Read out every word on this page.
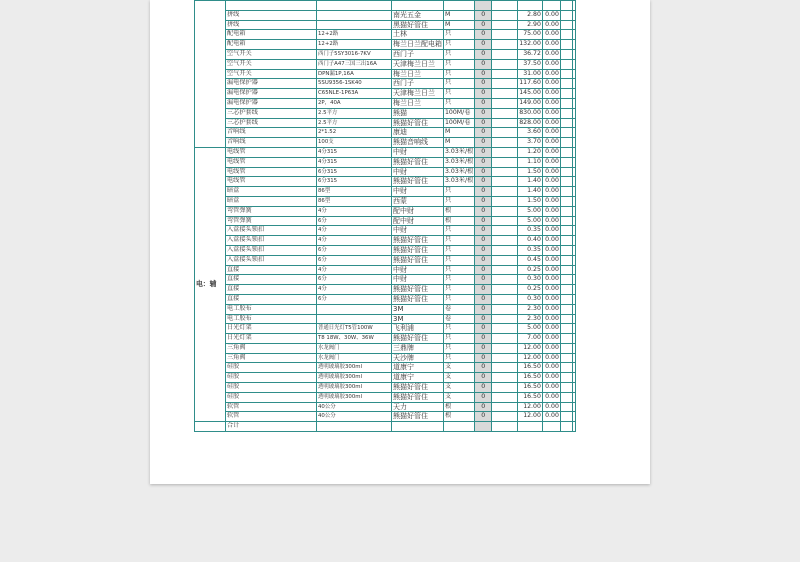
	拼线		南光五金	M	0		2.80	0.00		
	拼线		黑猫好管住	M	0		2.90	0.00		
	配电箱	12+2路	土林	只	0		75.00	0.00		
	配电箱	12+2路	梅兰日兰配电箱	只	0		132.00	0.00		
	空气开关	西门子5SY3016-7KV	西门子	只	0		36.72	0.00		
	空气开关	西门子A47三国三出16A	天津梅兰日兰	只	0		37.50	0.00		
	空气开关	DPN漏1P,16A	梅兰日兰	只	0		31.00	0.00		
	漏电保护器	5SU9356-1SK40	西门子	只	0		117.60	0.00		
	漏电保护器	C65NLE-1P63A	天津梅兰日兰	只	0		145.00	0.00		
	漏电保护器	2P，40A	梅兰日兰	只	0		149.00	0.00		
	三芯护套线	2.5平方	熊猫	100M/卷	0		830.00	0.00		
	三芯护套线	2.5平方	熊猫好管住	100M/卷	0		828.00	0.00		
	音响线	2*1.52	康迪	M	0		3.60	0.00		
	音响线	100支	熊猫音响线	M	0		3.70	0.00		
电：辅	电线管	4分315	中财	3.03米/根	0		1.20	0.00		
	电线管	4分315	熊猫好管住	3.03米/根	0		1.10	0.00		
	电线管	6分315	中财	3.03米/根	0		1.50	0.00		
	电线管	6分315	熊猫好管住	3.03米/根	0		1.40	0.00		
	暗盒	86型	中财	只	0		1.40	0.00		
	暗盒	86型	西蒙	只	0		1.50	0.00		
	弯管弹簧	4分	配中财	根	0		5.00	0.00		
	弯管弹簧	6分	配中财	根	0		5.00	0.00		
	入盒接头锁扣	4分	中财	只	0		0.35	0.00		
	入盒接头锁扣	4分	熊猫好管住	只	0		0.40	0.00		
	入盒接头锁扣	6分	熊猫好管住	只	0		0.35	0.00		
	入盒接头锁扣	6分	熊猫好管住	只	0		0.45	0.00		
	直接	4分	中财	只	0		0.25	0.00		
	直接	6分	中财	只	0		0.30	0.00		
	直接	4分	熊猫好管住	只	0		0.25	0.00		
	直接	6分	熊猫好管住	只	0		0.30	0.00		
	电工胶布		3M	卷	0		2.30	0.00		
	电工胶布		3M	卷	0		2.30	0.00		
	日光灯架	普通日光灯T5管100W	飞利浦	只	0		5.00	0.00		
	日光灯架	T8 18W、30W、36W	熊猫好管住	只	0		7.00	0.00		
	三角阀	水龙阀门	三鼎牌	只	0		12.00	0.00		
	三角阀	水龙阀门	天沙牌	只	0		12.00	0.00		
	硅胶	透明玻璃胶300ml	道康宁	支	0		16.50	0.00		
	硅胶	透明玻璃胶300ml	道康宁	支	0		16.50	0.00		
	硅胶	透明玻璃胶300ml	熊猫好管住	支	0		16.50	0.00		
	硅胶	透明玻璃胶300ml	熊猫好管住	支	0		16.50	0.00		
	软管	40公分	天力	根	0		12.00	0.00		
	软管	40公分	熊猫好管住	根	0		12.00	0.00		
	合计									
